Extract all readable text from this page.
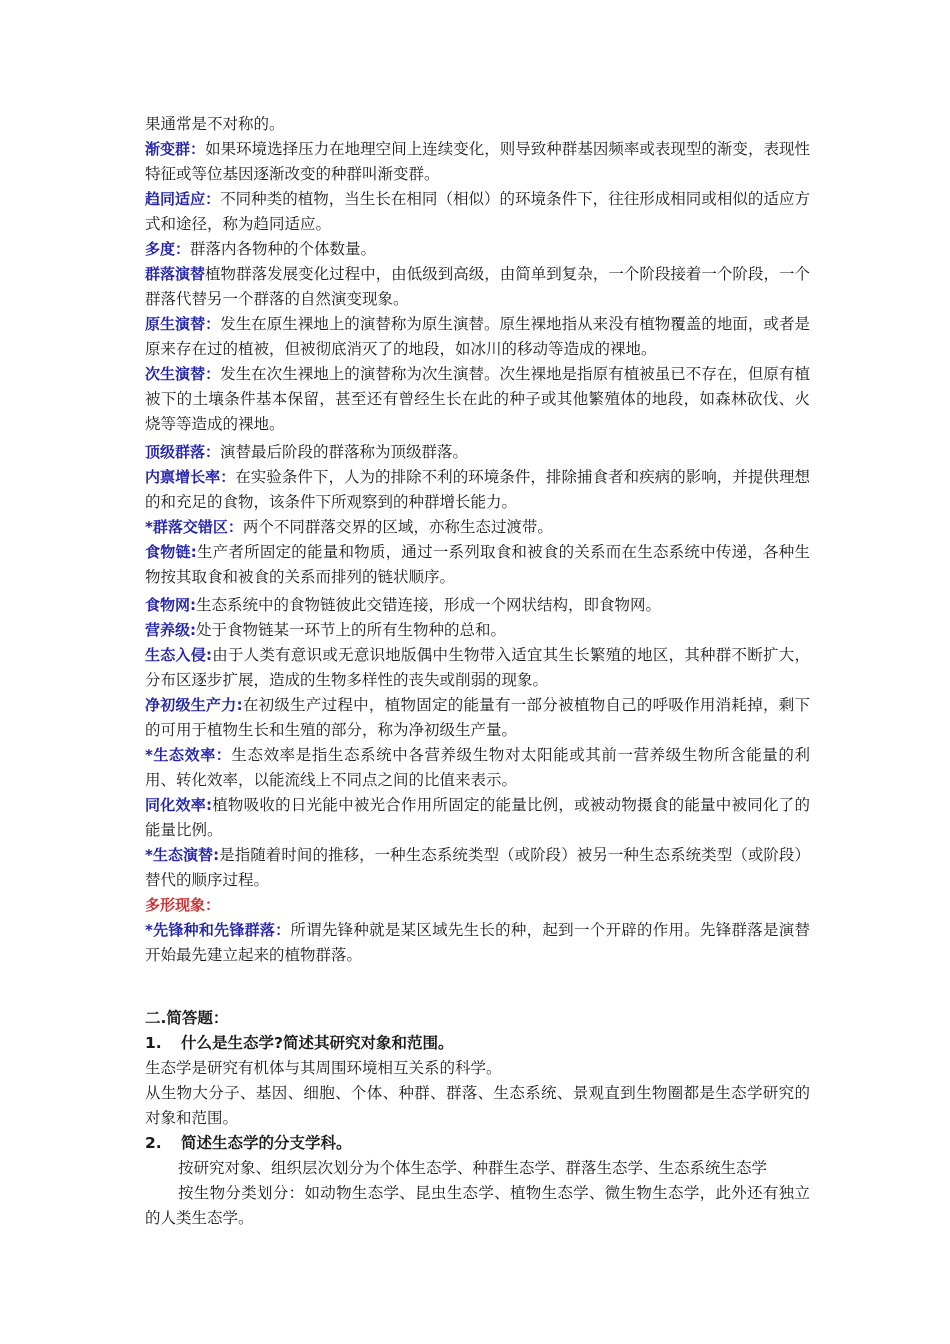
果通常是不对称的。

渐变群：如果环境选择压力在地理空间上连续变化，则导致种群基因频率或表现型的渐变，表现性特征或等位基因逐渐改变的种群叫渐变群。

趋同适应：不同种类的植物，当生长在相同（相似）的环境条件下，往往形成相同或相似的适应方式和途径，称为趋同适应。

多度：群落内各物种的个体数量。

群落演替植物群落发展变化过程中，由低级到高级，由简单到复杂，一个阶段接着一个阶段，一个群落代替另一个群落的自然演变现象。

原生演替：发生在原生裸地上的演替称为原生演替。原生裸地指从来没有植物覆盖的地面，或者是原来存在过的植被，但被彻底消灭了的地段，如冰川的移动等造成的裸地。

次生演替：发生在次生裸地上的演替称为次生演替。次生裸地是指原有植被虽已不存在，但原有植被下的土壤条件基本保留，甚至还有曾经生长在此的种子或其他繁殖体的地段，如森林砍伐、火烧等等造成的裸地。

顶级群落：演替最后阶段的群落称为顶级群落。

内禀增长率：在实验条件下，人为的排除不利的环境条件，排除捕食者和疾病的影响，并提供理想的和充足的食物，该条件下所观察到的种群增长能力。

*群落交错区：两个不同群落交界的区域，亦称生态过渡带。

食物链:生产者所固定的能量和物质，通过一系列取食和被食的关系而在生态系统中传递，各种生物按其取食和被食的关系而排列的链状顺序。

食物网:生态系统中的食物链彼此交错连接，形成一个网状结构，即食物网。

营养级:处于食物链某一环节上的所有生物种的总和。

生态入侵:由于人类有意识或无意识地版偶中生物带入适宜其生长繁殖的地区，其种群不断扩大，分布区逐步扩展，造成的生物多样性的丧失或削弱的现象。

净初级生产力:在初级生产过程中，植物固定的能量有一部分被植物自己的呼吸作用消耗掉，剩下的可用于植物生长和生殖的部分，称为净初级生产量。

*生态效率：生态效率是指生态系统中各营养级生物对太阳能或其前一营养级生物所含能量的利用、转化效率，以能流线上不同点之间的比值来表示。

同化效率:植物吸收的日光能中被光合作用所固定的能量比例，或被动物摄食的能量中被同化了的能量比例。

*生态演替:是指随着时间的推移，一种生态系统类型（或阶段）被另一种生态系统类型（或阶段）替代的顺序过程。

多形现象：

*先锋种和先锋群落：所谓先锋种就是某区域先生长的种，起到一个开辟的作用。先锋群落是演替开始最先建立起来的植物群落。

二.简答题：

1.	什么是生态学?简述其研究对象和范围。

生态学是研究有机体与其周围环境相互关系的科学。

从生物大分子、基因、细胞、个体、种群、群落、生态系统、景观直到生物圈都是生态学研究的对象和范围。

2.	简述生态学的分支学科。

按研究对象、组织层次划分为个体生态学、种群生态学、群落生态学、生态系统生态学

按生物分类划分：如动物生态学、昆虫生态学、植物生态学、微生物生态学，此外还有独立的人类生态学。
